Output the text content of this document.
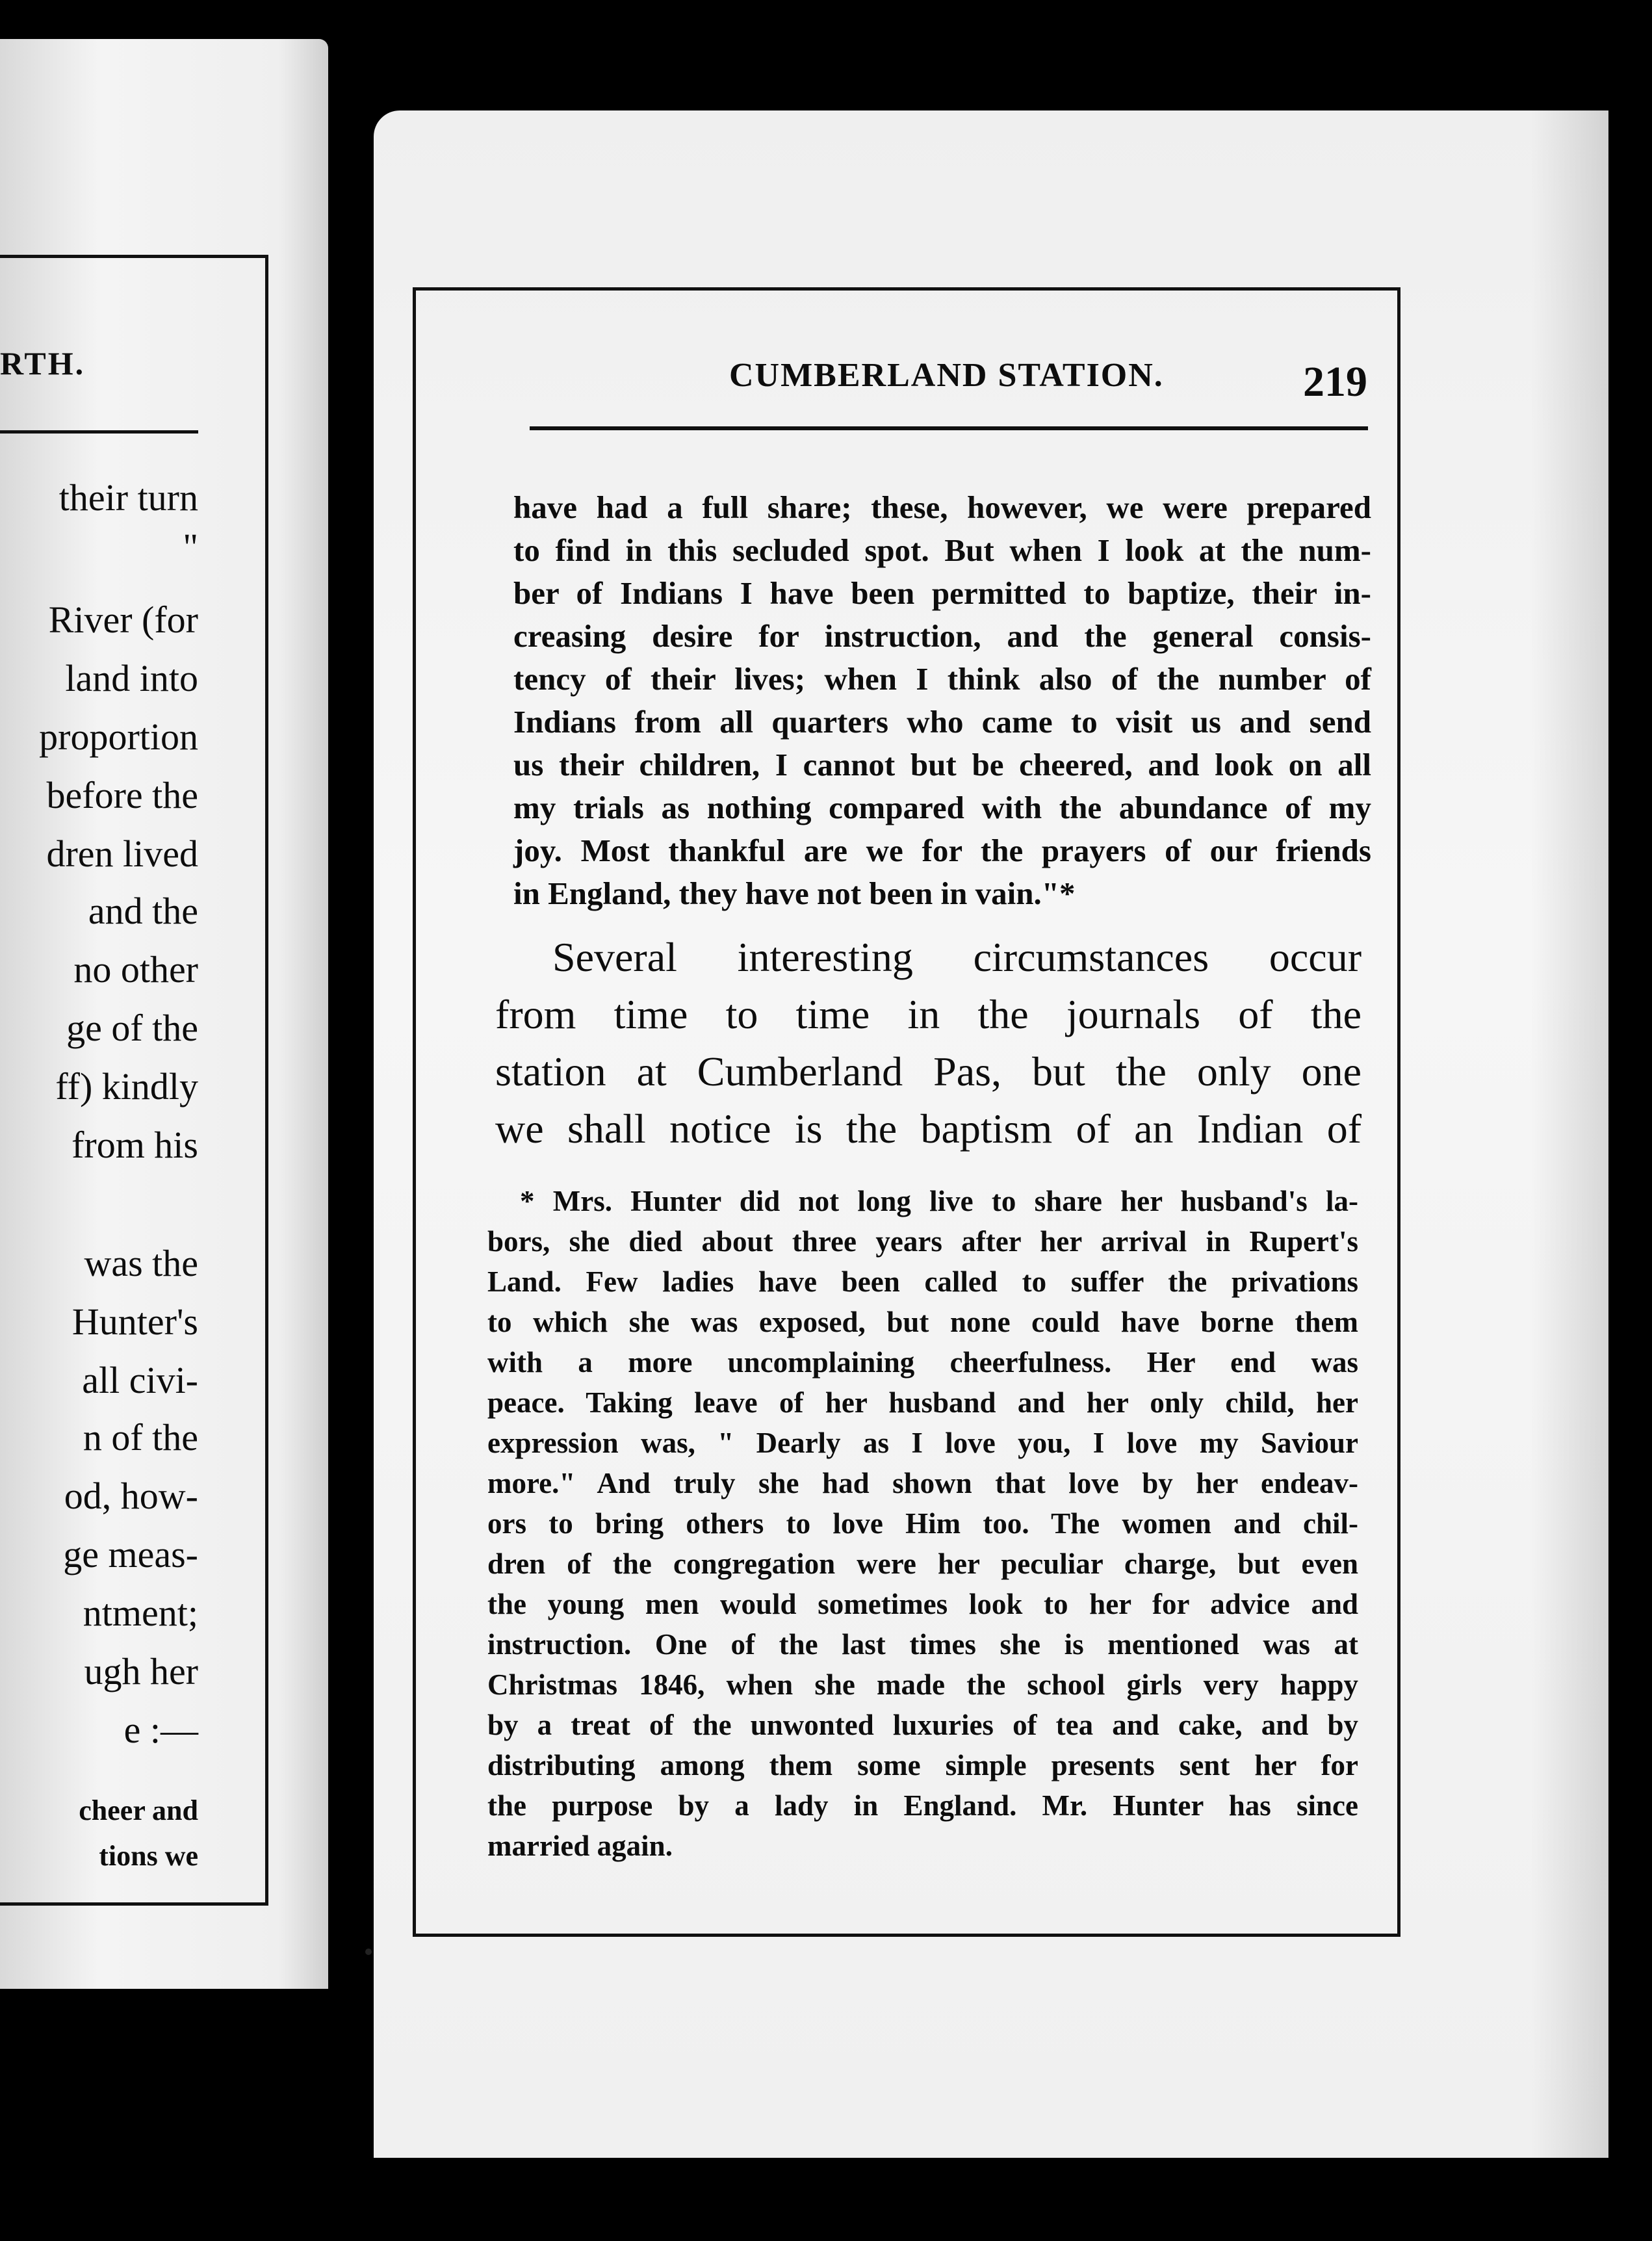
RTH.
their turn
"
River (for
land into
proportion
before the
dren lived
and the
no other
ge of the
ff) kindly
from his
was the
Hunter's
all civi-
n of the
od, how-
ge meas-
ntment;
ugh her
e :—
cheer and
tions we
CUMBERLAND STATION.	219
have had a full share; these, however, we were prepared
to find in this secluded spot. But when I look at the num-
ber of Indians I have been permitted to baptize, their in-
creasing desire for instruction, and the general consis-
tency of their lives; when I think also of the number of
Indians from all quarters who came to visit us and send
us their children, I cannot but be cheered, and look on all
my trials as nothing compared with the abundance of my
joy. Most thankful are we for the prayers of our friends
in England, they have not been in vain."*
Several interesting circumstances occur
from time to time in the journals of the
station at Cumberland Pas, but the only one
we shall notice is the baptism of an Indian of
* Mrs. Hunter did not long live to share her husband's la-
bors, she died about three years after her arrival in Rupert's
Land. Few ladies have been called to suffer the privations
to which she was exposed, but none could have borne them
with a more uncomplaining cheerfulness. Her end was
peace. Taking leave of her husband and her only child, her
expression was, " Dearly as I love you, I love my Saviour
more." And truly she had shown that love by her endeav-
ors to bring others to love Him too. The women and chil-
dren of the congregation were her peculiar charge, but even
the young men would sometimes look to her for advice and
instruction. One of the last times she is mentioned was at
Christmas 1846, when she made the school girls very happy
by a treat of the unwonted luxuries of tea and cake, and by
distributing among them some simple presents sent her for
the purpose by a lady in England. Mr. Hunter has since
married again.
